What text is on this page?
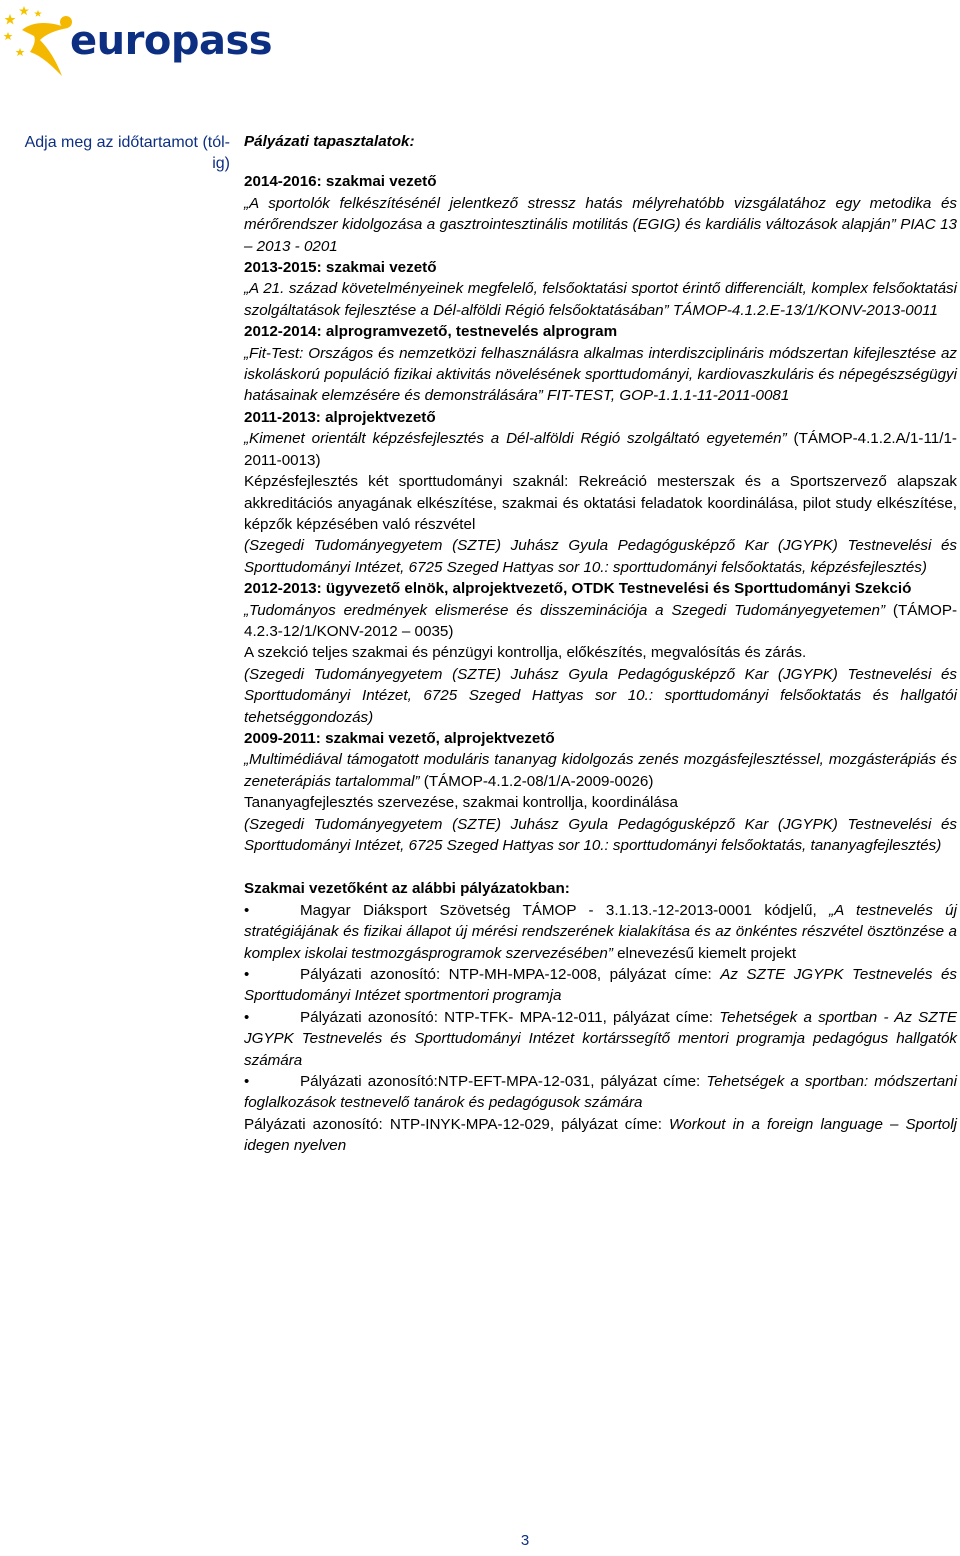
europass
Adja meg az időtartamot (tól-ig)

Pályázati tapasztalatok:

2014-2016: szakmai vezető

„A sportolók felkészítésénél jelentkező stressz hatás mélyrehatóbb vizsgálatához egy metodika és mérőrendszer kidolgozása a gasztrointesztinális motilitás (EGIG) és kardiális változások alapján” PIAC 13 – 2013 - 0201

2013-2015: szakmai vezető

„A 21. század követelményeinek megfelelő, felsőoktatási sportot érintő differenciált, komplex felsőoktatási szolgáltatások fejlesztése a Dél-alföldi Régió felsőoktatásában” TÁMOP-4.1.2.E-13/1/KONV-2013-0011

2012-2014: alprogramvezető, testnevelés alprogram

„Fit-Test: Országos és nemzetközi felhasználásra alkalmas interdiszciplináris módszertan kifejlesztése az iskoláskorú populáció fizikai aktivitás növelésének sporttudományi, kardiovaszkuláris és népegészségügyi hatásainak elemzésére és demonstrálására” FIT-TEST, GOP-1.1.1-11-2011-0081

2011-2013: alprojektvezető

„Kimenet orientált képzésfejlesztés a Dél-alföldi Régió szolgáltató egyetemén” (TÁMOP-4.1.2.A/1-11/1-2011-0013)

Képzésfejlesztés két sporttudományi szaknál: Rekreáció mesterszak és a Sportszervező alapszak akkreditációs anyagának elkészítése, szakmai és oktatási feladatok koordinálása, pilot study elkészítése, képzők képzésében való részvétel

(Szegedi Tudományegyetem (SZTE) Juhász Gyula Pedagógusképző Kar (JGYPK) Testnevelési és Sporttudományi Intézet, 6725 Szeged Hattyas sor 10.: sporttudományi felsőoktatás, képzésfejlesztés)

2012-2013: ügyvezető elnök, alprojektvezető, OTDK Testnevelési és Sporttudományi Szekció

„Tudományos eredmények elismerése és disszeminációja a Szegedi Tudományegyetemen” (TÁMOP-4.2.3-12/1/KONV-2012 – 0035)

A szekció teljes szakmai és pénzügyi kontrollja, előkészítés, megvalósítás és zárás.

(Szegedi Tudományegyetem (SZTE) Juhász Gyula Pedagógusképző Kar (JGYPK) Testnevelési és Sporttudományi Intézet, 6725 Szeged Hattyas sor 10.: sporttudományi felsőoktatás és hallgatói tehetséggondozás)

2009-2011: szakmai vezető, alprojektvezető

„Multimédiával támogatott moduláris tananyag kidolgozás zenés mozgásfejlesztéssel, mozgásterápiás és zeneterápiás tartalommal” (TÁMOP-4.1.2-08/1/A-2009-0026)

Tananyagfejlesztés szervezése, szakmai kontrollja, koordinálása

(Szegedi Tudományegyetem (SZTE) Juhász Gyula Pedagógusképző Kar (JGYPK) Testnevelési és Sporttudományi Intézet, 6725 Szeged Hattyas sor 10.: sporttudományi felsőoktatás, tananyagfejlesztés)

Szakmai vezetőként az alábbi pályázatokban:

• Magyar Diáksport Szövetség TÁMOP - 3.1.13.-12-2013-0001 kódjelű, „A testnevelés új stratégiájának és fizikai állapot új mérési rendszerének kialakítása és az önkéntes részvétel ösztönzése a komplex iskolai testmozgásprogramok szervezésében” elnevezésű kiemelt projekt

• Pályázati azonosító: NTP-MH-MPA-12-008, pályázat címe: Az SZTE JGYPK Testnevelés és Sporttudományi Intézet sportmentori programja

• Pályázati azonosító: NTP-TFK- MPA-12-011, pályázat címe: Tehetségek a sportban - Az SZTE JGYPK Testnevelés és Sporttudományi Intézet kortárssegítő mentori programja pedagógus hallgatók számára

• Pályázati azonosító:NTP-EFT-MPA-12-031, pályázat címe: Tehetségek a sportban: módszertani foglalkozások testnevelő tanárok és pedagógusok számára

Pályázati azonosító: NTP-INYK-MPA-12-029, pályázat címe: Workout in a foreign language – Sportolj idegen nyelven

3
